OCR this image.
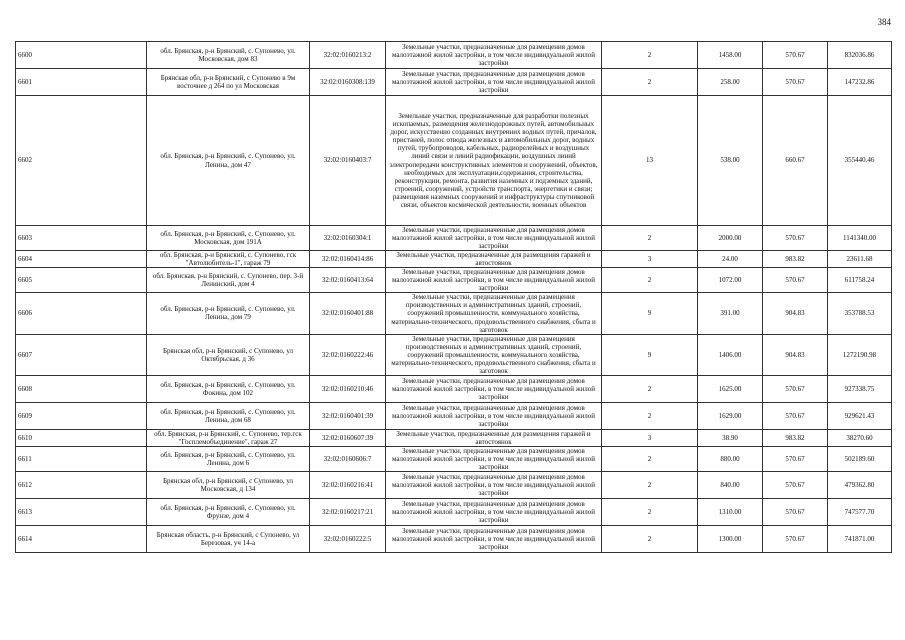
384
6600	обл. Брянская, р-н Брянский, с. Супонево, ул. Московская, дом 83	32:02:0160213:2	Земельные участки, предназначенные для размещения домов малоэтажной жилой застройки, в том числе индивидуальной жилой застройки	2	1458.00	570.67	832036.86
6601	Брянская обл, р-н Брянский, с Супонево в 9м восточнее д 264 по ул Московская	32:02:0160308:139	Земельные участки, предназначенные для размещения домов малоэтажной жилой застройки, в том числе индивидуальной жилой застройки	2	258.00	570.67	147232.86
6602	обл. Брянская, р-н Брянский, с. Супонево, ул. Ленина, дом 47	32:02:0160403:7	Земельные участки, предназначенные для разработки полезных ископаемых, размещения железнодорожных путей, автомобильных дорог, искусственно созданных внутренних водных путей, причалов, пристаней, полос отвода железных и автомобильных дорог, водных путей, трубопроводов, кабельных, радиорелейных и воздушных линий связи и линий радиофикации, воздушных линий электропередачи конструктивных элементов и сооружений, объектов, необходимых для эксплуатации,содержания, строительства, реконструкции, ремонта, развития наземных и подземных зданий, строений, сооружений, устройств транспорта, энергетики и связи; размещения наземных сооружений и инфраструктуры спутниковой связи, объектов космической деятельности, военных объектов	13	538.00	660.67	355440.46
6603	обл. Брянская, р-н Брянский, с. Супонево, ул. Московская, дом 191А	32:02:0160304:1	Земельные участки, предназначенные для размещения домов малоэтажной жилой застройки, в том числе индивидуальной жилой застройки	2	2000.00	570.67	1141340.00
6604	обл. Брянская, р-н Брянский, с. Супонево, гск "Автолюбитель-1", гараж 79	32:02:0160414:86	Земельные участки, предназначенные для размещения гаражей и автостоянок	3	24.00	983.82	23611.68
6605	обл. Брянская, р-н Брянский, с. Супонево, пер. 3-й Ленинский, дом 4	32:02:0160413:64	Земельные участки, предназначенные для размещения домов малоэтажной жилой застройки, в том числе индивидуальной жилой застройки	2	1072.00	570.67	611758.24
6606	обл. Брянская, р-н Брянский, с. Супонево, ул. Ленина, дом 79	32:02:0160401:88	Земельные участки, предназначенные для размещения производственных и административных зданий, строений, сооружений промышленности, коммунального хозяйства, материально-технического, продовольственного снабжения, сбыта и заготовок	9	391.00	904.83	353788.53
6607	Брянская обл, р-н Брянский, с Супонево, ул Октябрьская, д 36	32:02:0160222:46	Земельные участки, предназначенные для размещения производственных и административных зданий, строений, сооружений промышленности, коммунального хозяйства, материально-технического, продовольственного снабжения, сбыта и заготовок	9	1406.00	904.83	1272190.98
6608	обл. Брянская, р-н Брянский, с. Супонево, ул. Фокина, дом 102	32:02:0160210:46	Земельные участки, предназначенные для размещения домов малоэтажной жилой застройки, в том числе индивидуальной жилой застройки	2	1625.00	570.67	927338.75
6609	обл. Брянская, р-н Брянский, с. Супонево, ул. Ленина, дом 68	32:02:0160401:39	Земельные участки, предназначенные для размещения домов малоэтажной жилой застройки, в том числе индивидуальной жилой застройки	2	1629.00	570.67	929621.43
6610	обл. Брянская, р-н Брянский, с. Супонево, тер.гск "Госплемобъединение", гараж 27	32:02:0160607:39	Земельные участки, предназначенные для размещения гаражей и автостоянок	3	38.90	983.82	38270.60
6611	обл. Брянская, р-н Брянский, с. Супонево, ул. Ленина, дом 6	32:02:0160606:7	Земельные участки, предназначенные для размещения домов малоэтажной жилой застройки, в том числе индивидуальной жилой застройки	2	880.00	570.67	502189.60
6612	Брянская обл, р-н Брянский, с Супонево, ул Московская, д 134	32:02:0160216:41	Земельные участки, предназначенные для размещения домов малоэтажной жилой застройки, в том числе индивидуальной жилой застройки	2	840.00	570.67	479362.80
6613	обл. Брянская, р-н Брянский, с. Супонево, ул. Фрунзе, дом 4	32:02:0160217:21	Земельные участки, предназначенные для размещения домов малоэтажной жилой застройки, в том числе индивидуальной жилой застройки	2	1310.00	570.67	747577.70
6614	Брянская область, р-н Брянский, с Супонево, ул Березовая, уч 14-а	32:02:0160222:5	Земельные участки, предназначенные для размещения домов малоэтажной жилой застройки, в том числе индивидуальной жилой застройки	2	1300.00	570.67	741871.00
